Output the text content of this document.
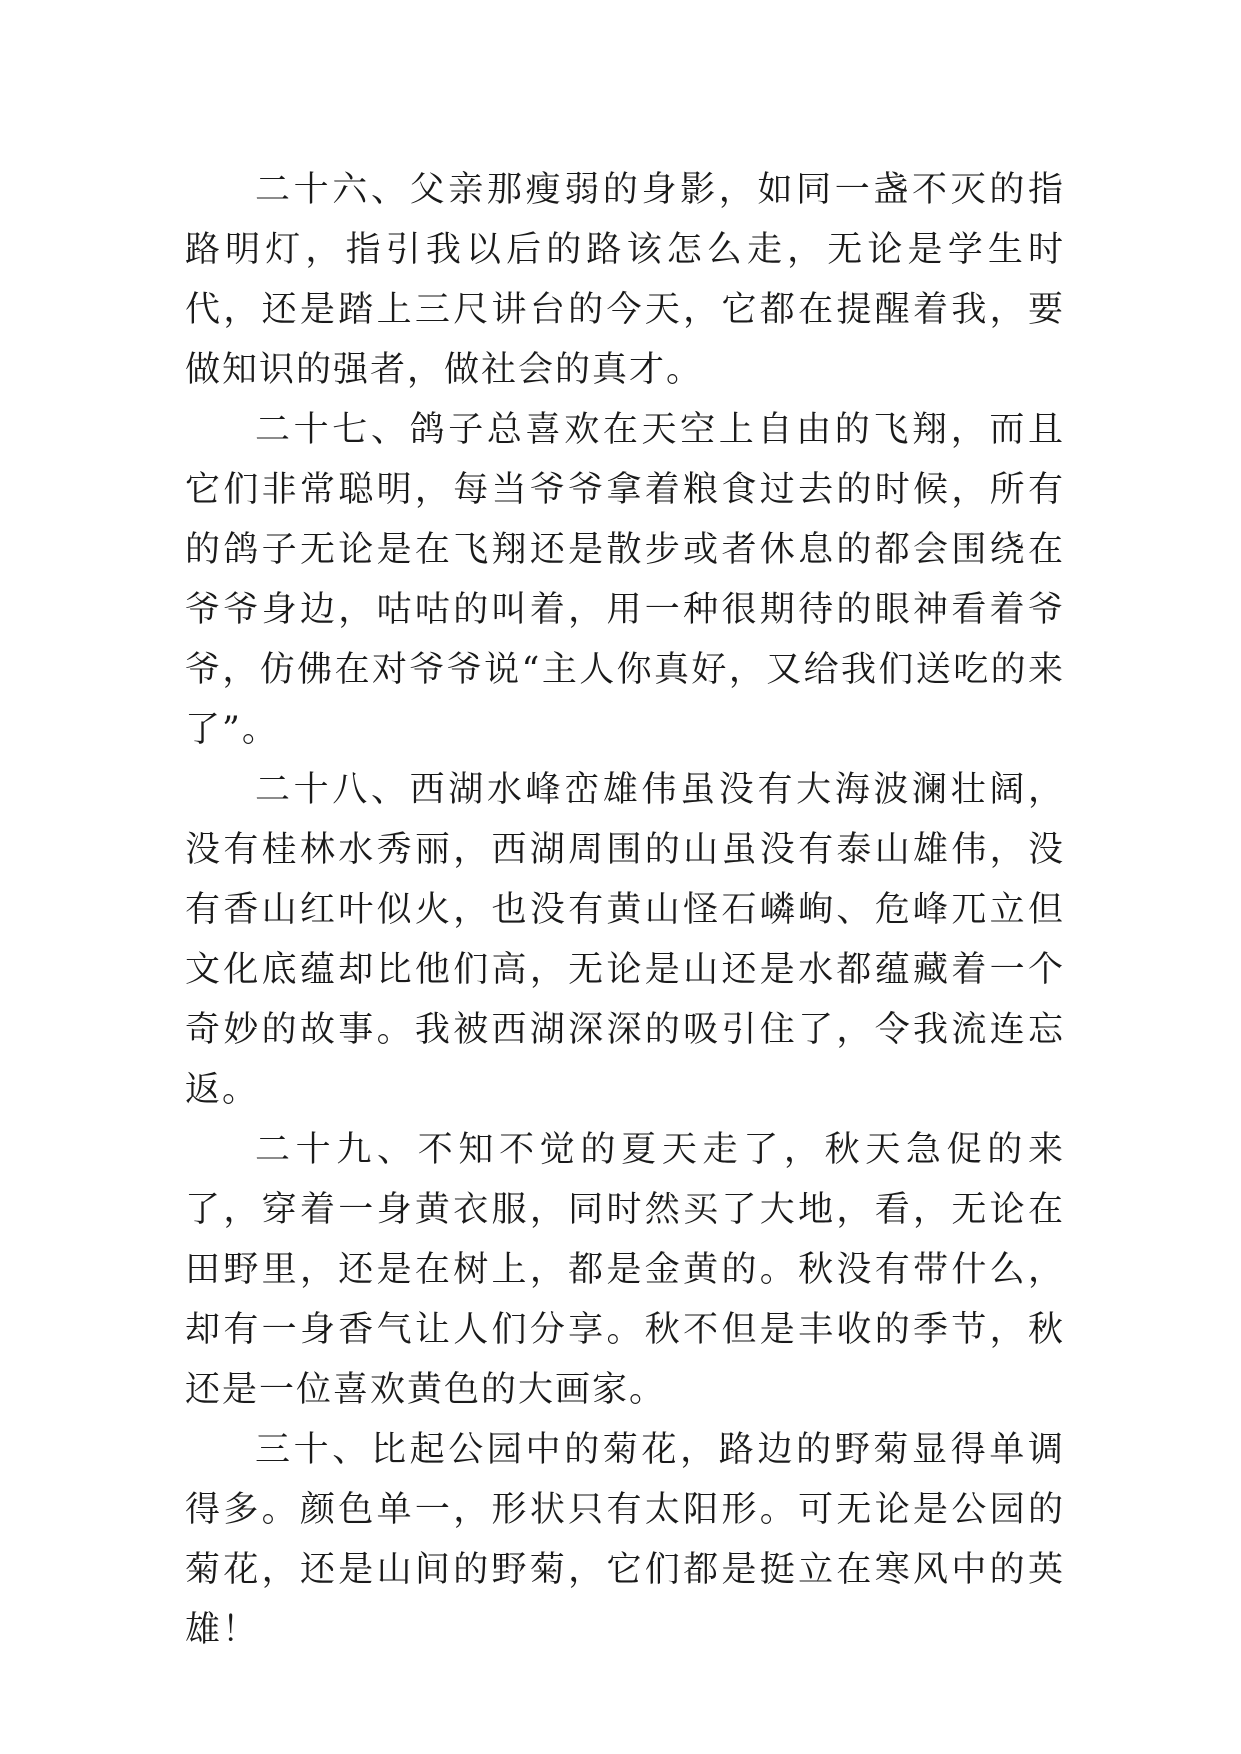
二十六、父亲那瘦弱的身影，如同一盏不灭的指路明灯，指引我以后的路该怎么走，无论是学生时代，还是踏上三尺讲台的今天，它都在提醒着我，要做知识的强者，做社会的真才。

二十七、鸽子总喜欢在天空上自由的飞翔，而且它们非常聪明，每当爷爷拿着粮食过去的时候，所有的鸽子无论是在飞翔还是散步或者休息的都会围绕在爷爷身边，咕咕的叫着，用一种很期待的眼神看着爷爷，仿佛在对爷爷说“主人你真好，又给我们送吃的来了”。

二十八、西湖水峰峦雄伟虽没有大海波澜壮阔，没有桂林水秀丽，西湖周围的山虽没有泰山雄伟，没有香山红叶似火，也没有黄山怪石嶙峋、危峰兀立但文化底蕴却比他们高，无论是山还是水都蕴藏着一个奇妙的故事。我被西湖深深的吸引住了，令我流连忘返。

二十九、不知不觉的夏天走了，秋天急促的来了，穿着一身黄衣服，同时然买了大地，看，无论在田野里，还是在树上，都是金黄的。秋没有带什么，却有一身香气让人们分享。秋不但是丰收的季节，秋还是一位喜欢黄色的大画家。

三十、比起公园中的菊花，路边的野菊显得单调得多。颜色单一，形状只有太阳形。可无论是公园的菊花，还是山间的野菊，它们都是挺立在寒风中的英雄！
